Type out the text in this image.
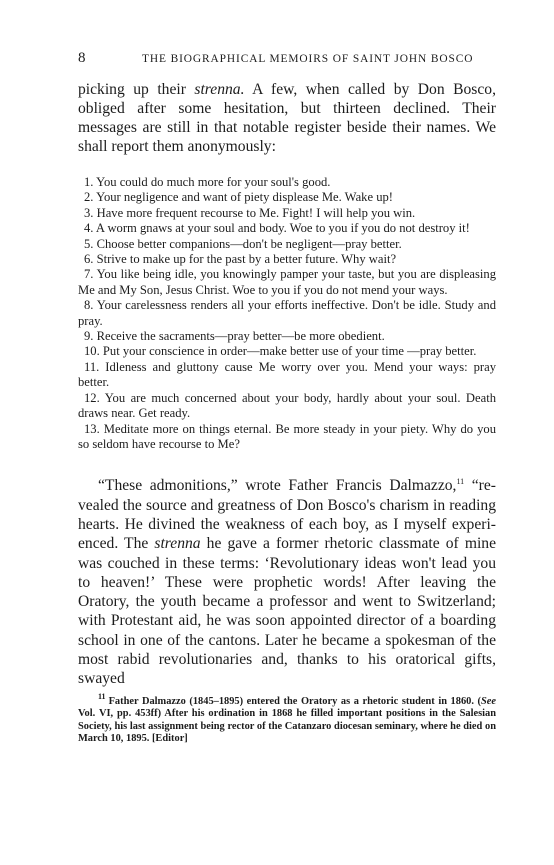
8	THE BIOGRAPHICAL MEMOIRS OF SAINT JOHN BOSCO

picking up their strenna. A few, when called by Don Bosco, obliged after some hesitation, but thirteen declined. Their messages are still in that notable register beside their names. We shall report them anonymously:

1. You could do much more for your soul's good.

2. Your negligence and want of piety displease Me. Wake up!

3. Have more frequent recourse to Me. Fight! I will help you win.

4. A worm gnaws at your soul and body. Woe to you if you do not destroy it!

5. Choose better companions—don't be negligent—pray better.

6. Strive to make up for the past by a better future. Why wait?

7. You like being idle, you knowingly pamper your taste, but you are displeasing Me and My Son, Jesus Christ. Woe to you if you do not mend your ways.

8. Your carelessness renders all your efforts ineffective. Don't be idle. Study and pray.

9. Receive the sacraments—pray better—be more obedient.

10. Put your conscience in order—make better use of your time —pray better.

11. Idleness and gluttony cause Me worry over you. Mend your ways: pray better.

12. You are much concerned about your body, hardly about your soul. Death draws near. Get ready.

13. Meditate more on things eternal. Be more steady in your piety. Why do you so seldom have recourse to Me?

“These admonitions,” wrote Father Francis Dalmazzo,$^{11}$ “revealed the source and greatness of Don Bosco's charism in reading hearts. He divined the weakness of each boy, as I myself experienced. The strenna he gave a former rhetoric classmate of mine was couched in these terms: ‘Revolutionary ideas won't lead you to heaven!’ These were prophetic words! After leaving the Oratory, the youth became a professor and went to Switzerland; with Protestant aid, he was soon appointed director of a boarding school in one of the cantons. Later he became a spokesman of the most rabid revolutionaries and, thanks to his oratorical gifts, swayed

$^{11}$ Father Dalmazzo (1845–1895) entered the Oratory as a rhetoric student in 1860. (See Vol. VI, pp. 453ff) After his ordination in 1868 he filled important positions in the Salesian Society, his last assignment being rector of the Catanzaro diocesan seminary, where he died on March 10, 1895. [Editor]
